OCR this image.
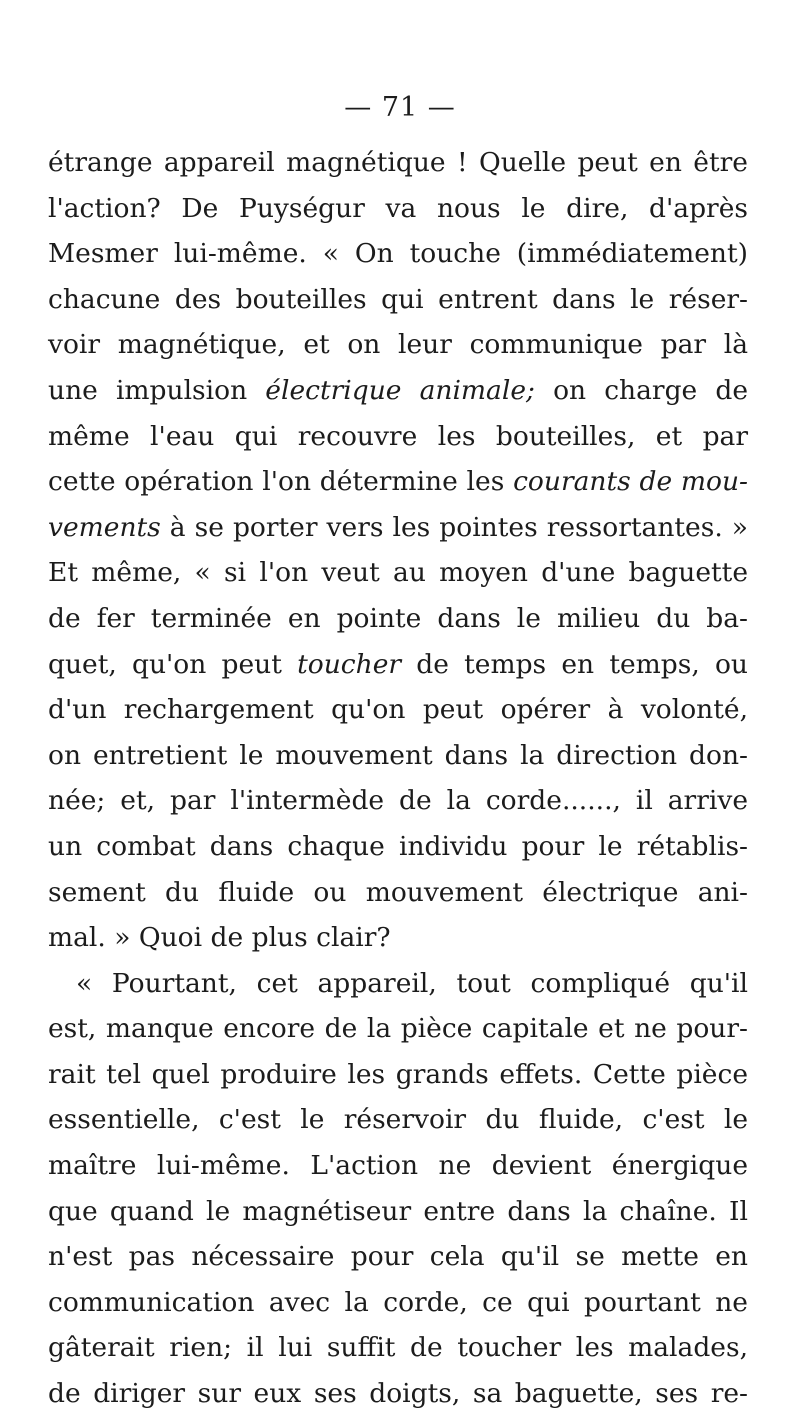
— 71 —
étrange appareil magnétique ! Quelle peut en être
l'action? De Puységur va nous le dire, d'après
Mesmer lui-même. « On touche (immédiatement)
chacune des bouteilles qui entrent dans le réser-
voir magnétique, et on leur communique par là
une impulsion électrique animale; on charge de
même l'eau qui recouvre les bouteilles, et par
cette opération l'on détermine les courants de mou-
vements à se porter vers les pointes ressortantes. »
Et même, « si l'on veut au moyen d'une baguette
de fer terminée en pointe dans le milieu du ba-
quet, qu'on peut toucher de temps en temps, ou
d'un rechargement qu'on peut opérer à volonté,
on entretient le mouvement dans la direction don-
née; et, par l'intermède de la corde......, il arrive
un combat dans chaque individu pour le rétablis-
sement du fluide ou mouvement électrique ani-
mal. » Quoi de plus clair?
« Pourtant, cet appareil, tout compliqué qu'il
est, manque encore de la pièce capitale et ne pour-
rait tel quel produire les grands effets. Cette pièce
essentielle, c'est le réservoir du fluide, c'est le
maître lui-même. L'action ne devient énergique
que quand le magnétiseur entre dans la chaîne. Il
n'est pas nécessaire pour cela qu'il se mette en
communication avec la corde, ce qui pourtant ne
gâterait rien; il lui suffit de toucher les malades,
de diriger sur eux ses doigts, sa baguette, ses re-
